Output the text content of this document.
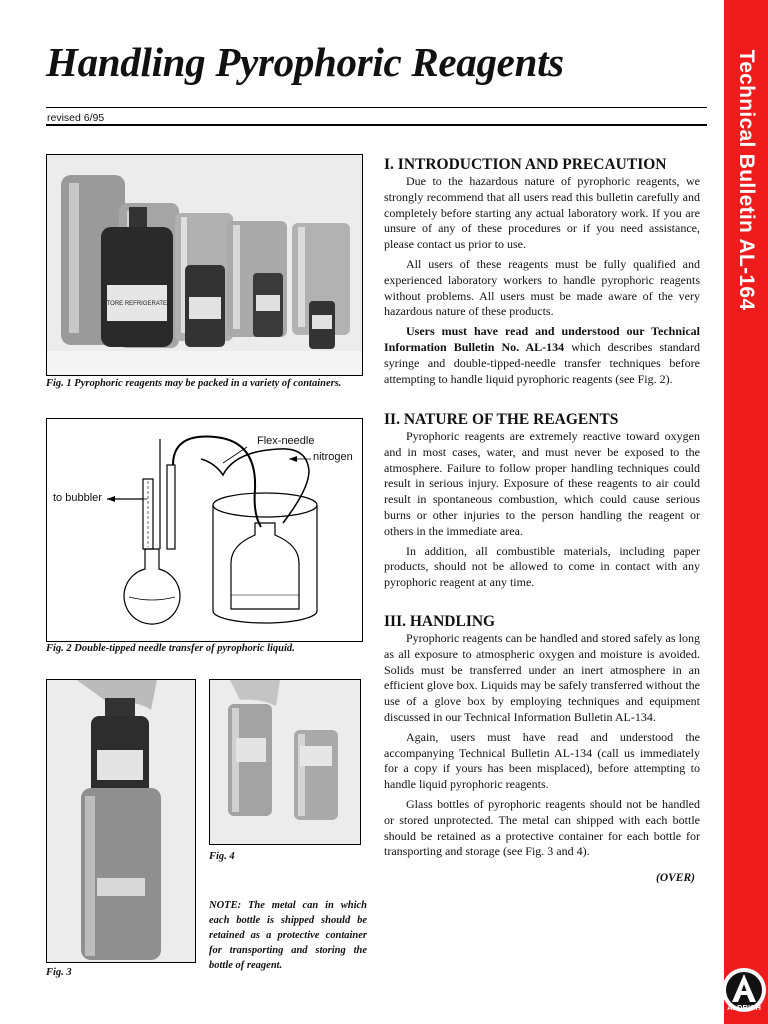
Technical Bulletin AL-164
ALDRICH
Handling Pyrophoric Reagents
revised 6/95
STORE REFRIGERATED
Fig. 1 Pyrophoric reagents may be packed in a variety of containers.
Flex-needle
nitrogen
to bubbler
Fig. 2 Double-tipped needle transfer of pyrophoric liquid.
Fig. 3
Fig. 4
NOTE: The metal can in which each bottle is shipped should be retained as a protective container for transporting and storing the bottle of reagent.
I. INTRODUCTION AND PRECAUTION

Due to the hazardous nature of pyrophoric reagents, we strongly recommend that all users read this bulletin carefully and completely before starting any actual laboratory work. If you are unsure of any of these procedures or if you need assistance, please contact us prior to use.

All users of these reagents must be fully qualified and experienced laboratory workers to handle pyrophoric reagents without problems. All users must be made aware of the very hazardous nature of these products.

Users must have read and understood our Technical Information Bulletin No. AL-134 which describes standard syringe and double-tipped-needle transfer techniques before attempting to handle liquid pyrophoric reagents (see Fig. 2).

II. NATURE OF THE REAGENTS

Pyrophoric reagents are extremely reactive toward oxygen and in most cases, water, and must never be exposed to the atmosphere. Failure to follow proper handling techniques could result in serious injury. Exposure of these reagents to air could result in spontaneous combustion, which could cause serious burns or other injuries to the person handling the reagent or others in the immediate area.

In addition, all combustible materials, including paper products, should not be allowed to come in contact with any pyrophoric reagent at any time.

III. HANDLING

Pyrophoric reagents can be handled and stored safely as long as all exposure to atmospheric oxygen and moisture is avoided. Solids must be transferred under an inert atmosphere in an efficient glove box. Liquids may be safely transferred without the use of a glove box by employing techniques and equipment discussed in our Technical Information Bulletin AL-134.

Again, users must have read and understood the accompanying Technical Bulletin AL-134 (call us immediately for a copy if yours has been misplaced), before attempting to handle liquid pyrophoric reagents.

Glass bottles of pyrophoric reagents should not be handled or stored unprotected. The metal can shipped with each bottle should be retained as a protective container for each bottle for transporting and storage (see Fig. 3 and 4).

(OVER)
